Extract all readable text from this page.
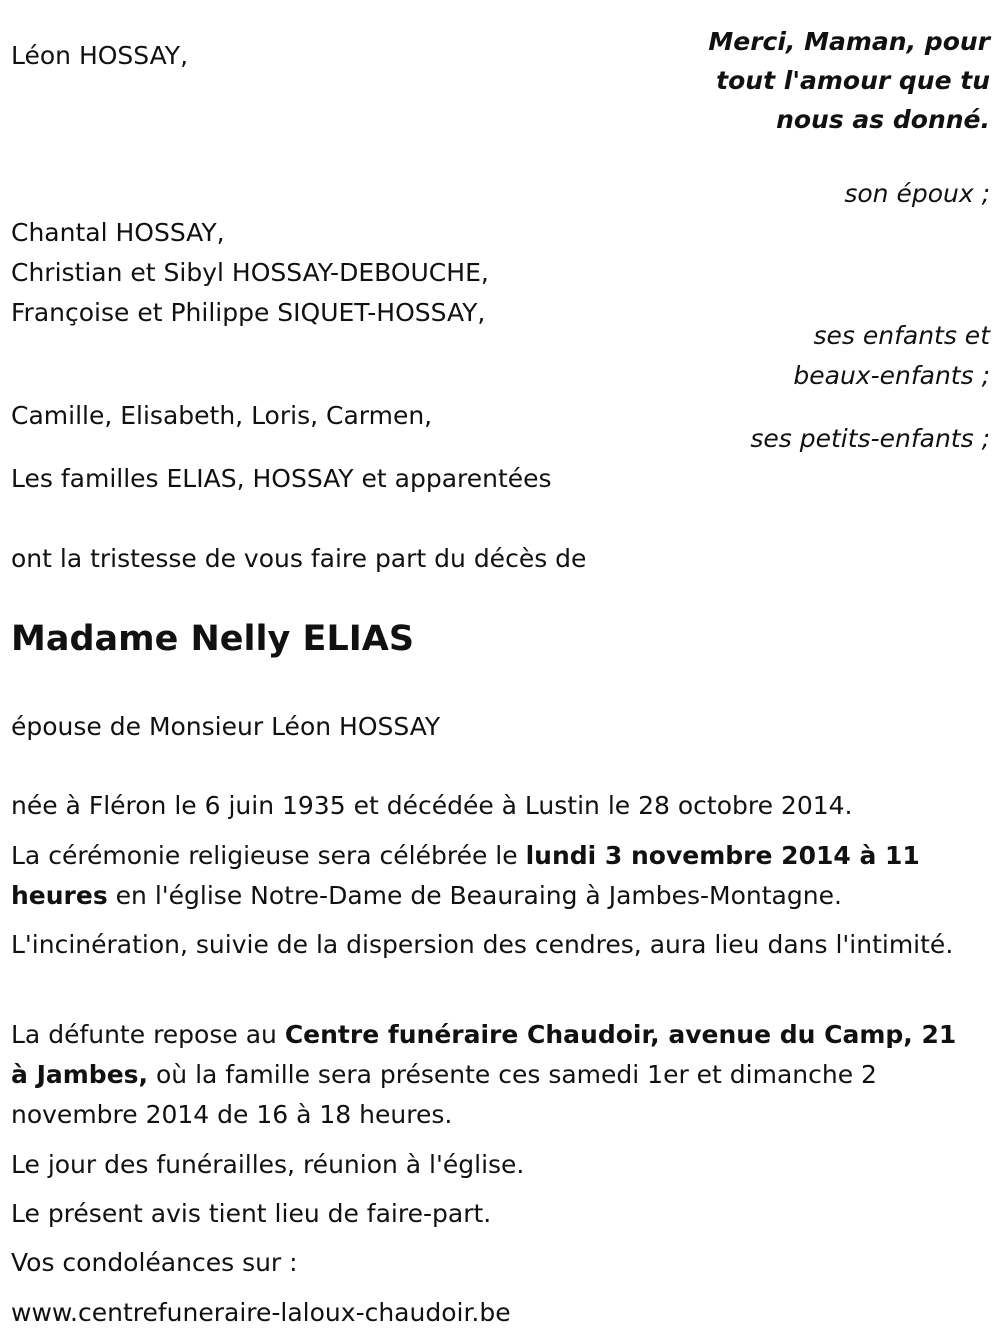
Léon HOSSAY,	Merci, Maman, pour tout l'amour que tu nous as donné.
son époux ;
Chantal HOSSAY,
Christian et Sibyl HOSSAY-DEBOUCHE,
Françoise et Philippe SIQUET-HOSSAY,
ses enfants et
beaux-enfants ;
Camille, Elisabeth, Loris, Carmen,
ses petits-enfants ;
Les familles ELIAS, HOSSAY et apparentées
ont la tristesse de vous faire part du décès de
Madame Nelly ELIAS
épouse de Monsieur Léon HOSSAY
née à Fléron le 6 juin 1935 et décédée à Lustin le 28 octobre 2014.
La cérémonie religieuse sera célébrée le lundi 3 novembre 2014 à 11 heures en l'église Notre-Dame de Beauraing à Jambes-Montagne.
L'incinération, suivie de la dispersion des cendres, aura lieu dans l'intimité.
La défunte repose au Centre funéraire Chaudoir, avenue du Camp, 21 à Jambes, où la famille sera présente ces samedi 1er et dimanche 2 novembre 2014 de 16 à 18 heures.
Le jour des funérailles, réunion à l'église.
Le présent avis tient lieu de faire-part.
Vos condoléances sur :
www.centrefuneraire-laloux-chaudoir.be
